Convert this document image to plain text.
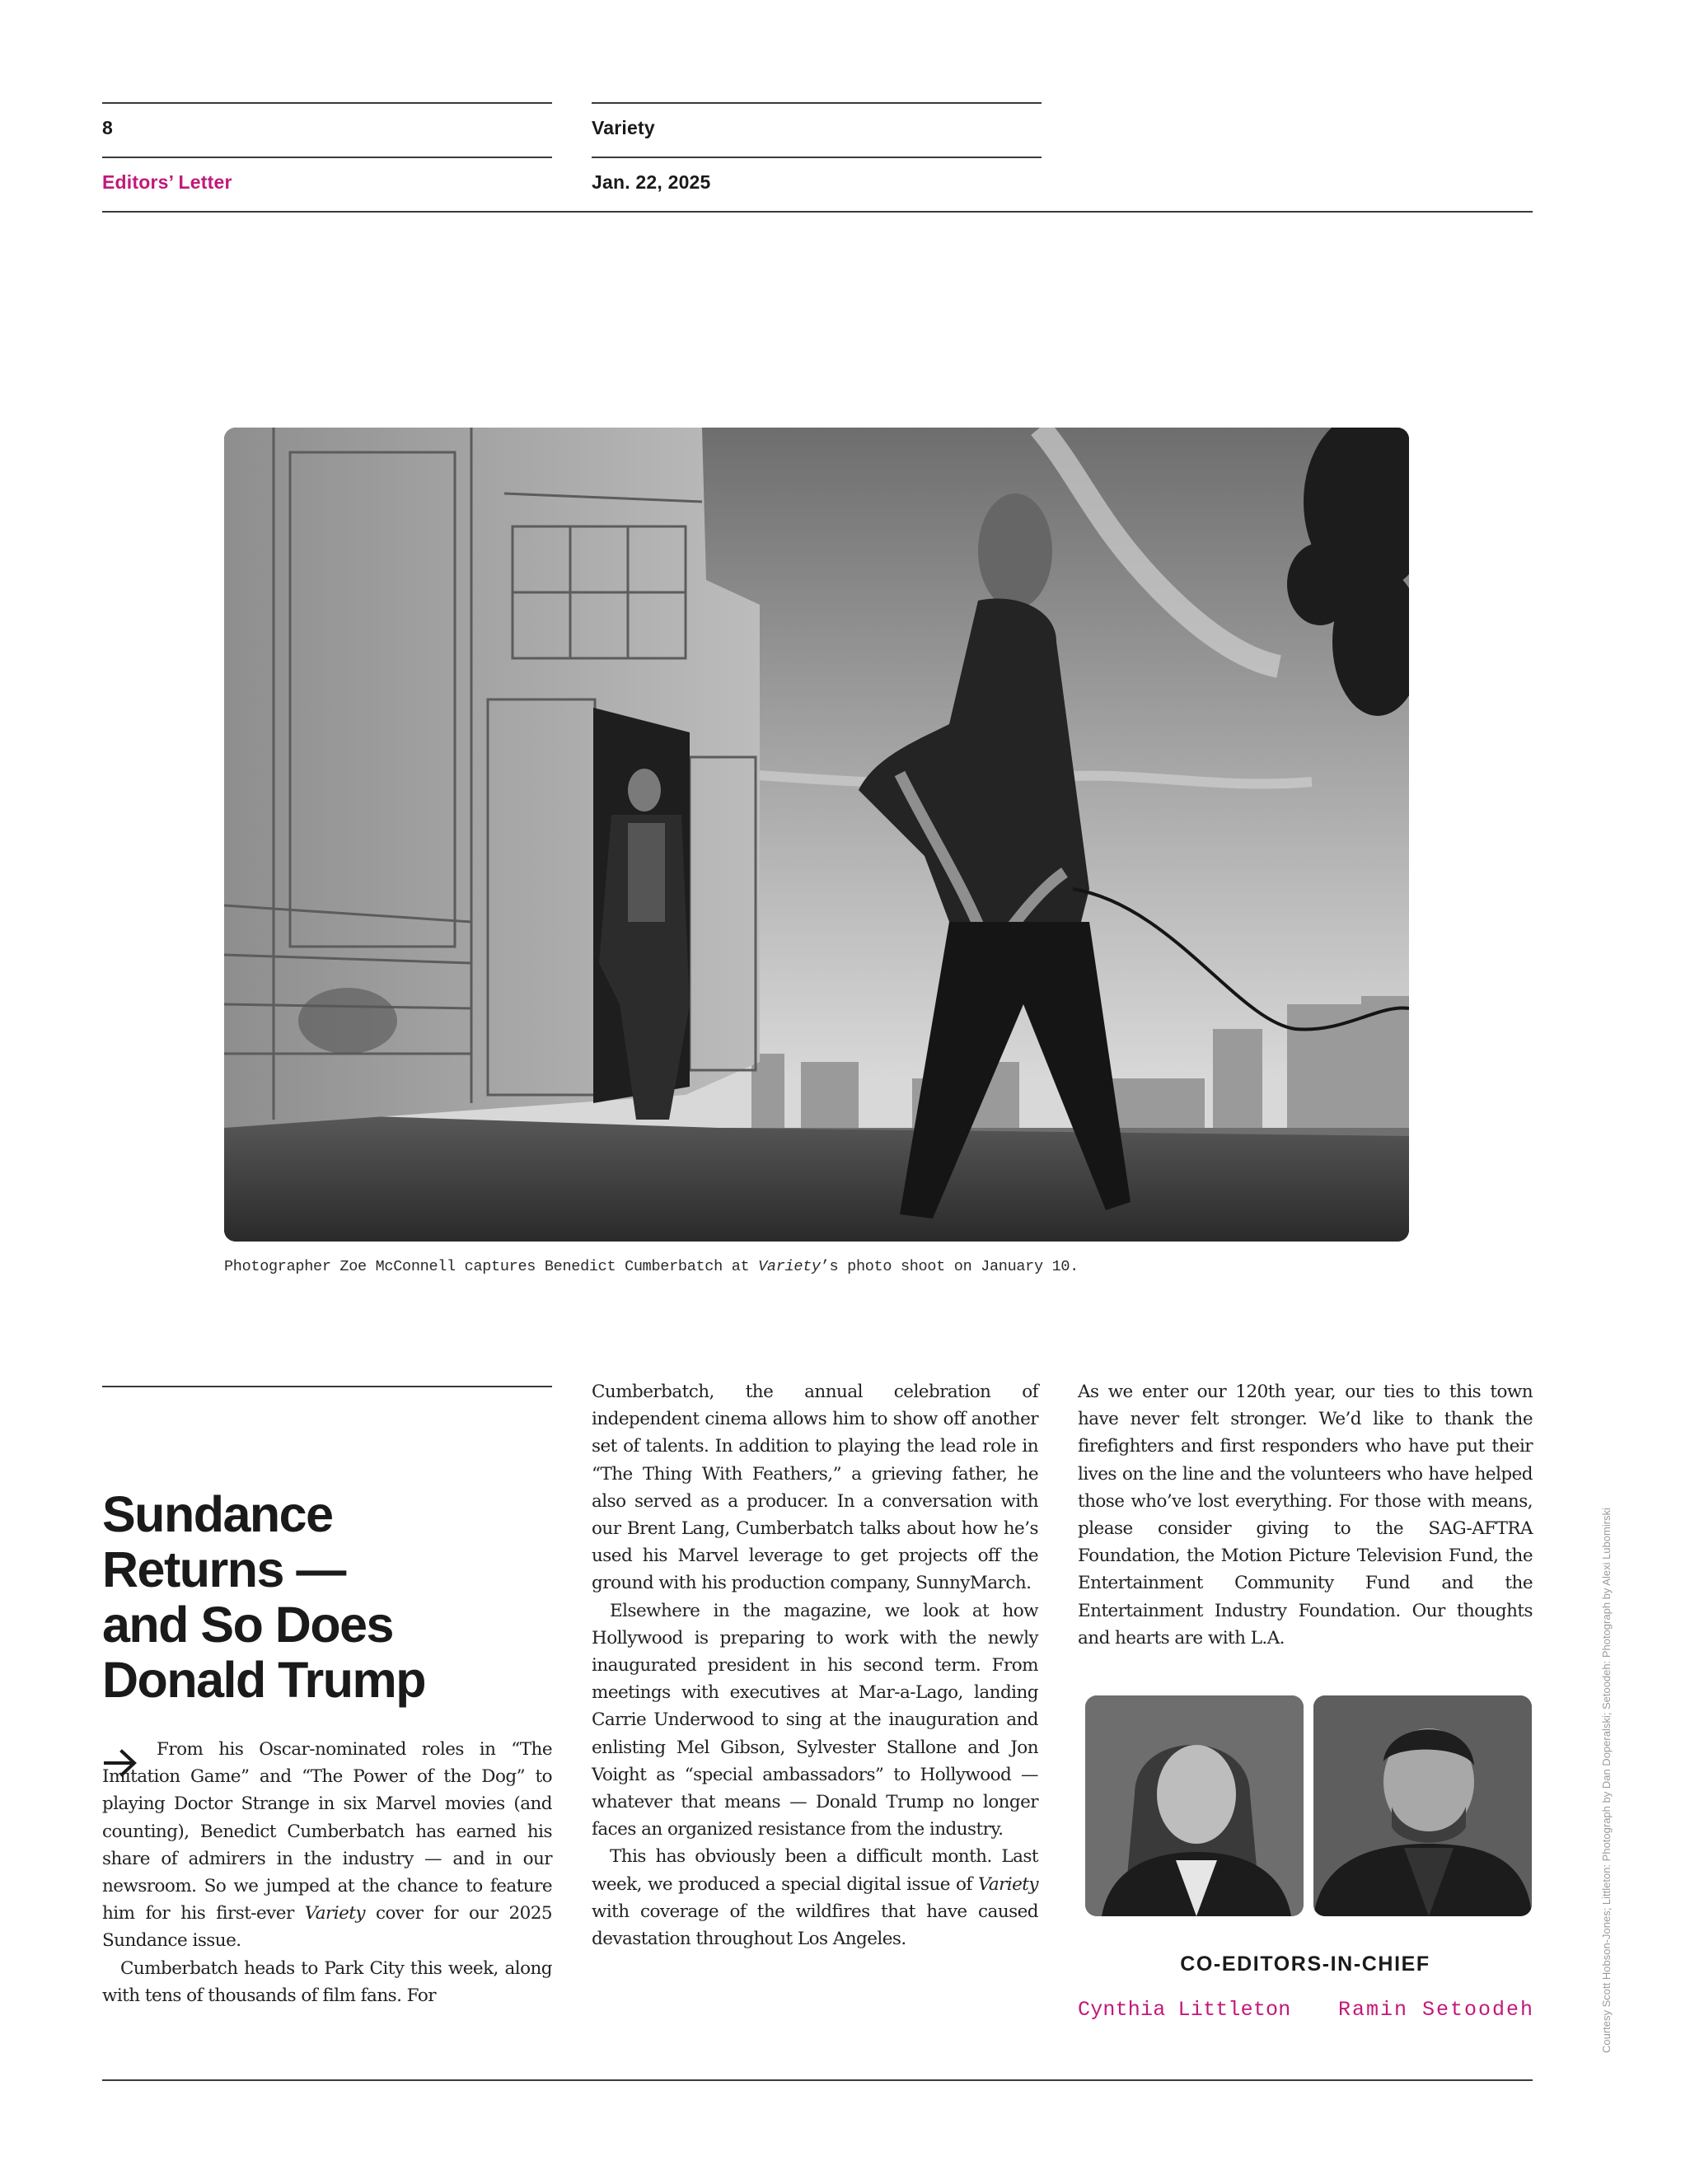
8	Variety
Editors’ Letter	Jan. 22, 2025
Photographer Zoe McConnell captures Benedict Cumberbatch at Variety’s photo shoot on January 10.
Sundance
Returns —
and So Does
Donald Trump

From his Oscar-nominated roles in “The Imitation Game” and “The Power of the Dog” to playing Doctor Strange in six Marvel movies (and counting), Benedict Cumberbatch has earned his share of admirers in the industry — and in our newsroom. So we jumped at the chance to feature him for his first-ever Variety cover for our 2025 Sundance issue.

Cumberbatch heads to Park City this week, along with tens of thousands of film fans. For

Cumberbatch, the annual celebration of independent cinema allows him to show off another set of talents. In addition to playing the lead role in “The Thing With Feathers,” a grieving father, he also served as a producer. In a conversation with our Brent Lang, Cumberbatch talks about how he’s used his Marvel leverage to get projects off the ground with his production company, SunnyMarch.

Elsewhere in the magazine, we look at how Hollywood is preparing to work with the newly inaugurated president in his second term. From meetings with executives at Mar-a-Lago, landing Carrie Underwood to sing at the inauguration and enlisting Mel Gibson, Sylvester Stallone and Jon Voight as “special ambassadors” to Hollywood — whatever that means — Donald Trump no longer faces an organized resistance from the industry.

This has obviously been a difficult month. Last week, we produced a special digital issue of Variety with coverage of the wildfires that have caused devastation throughout Los Angeles.

As we enter our 120th year, our ties to this town have never felt stronger. We’d like to thank the firefighters and first responders who have put their lives on the line and the volunteers who have helped those who’ve lost everything. For those with means, please consider giving to the SAG-AFTRA Foundation, the Motion Picture Television Fund, the Entertainment Community Fund and the Entertainment Industry Foundation. Our thoughts and hearts are with L.A.

CO-EDITORS-IN-CHIEF
Cynthia Littleton Ramin Setoodeh	Courtesy Scott Hobson-Jones; Littleton: Photograph by Dan Doperalski; Setoodeh: Photograph by Alexi Lubomirski
